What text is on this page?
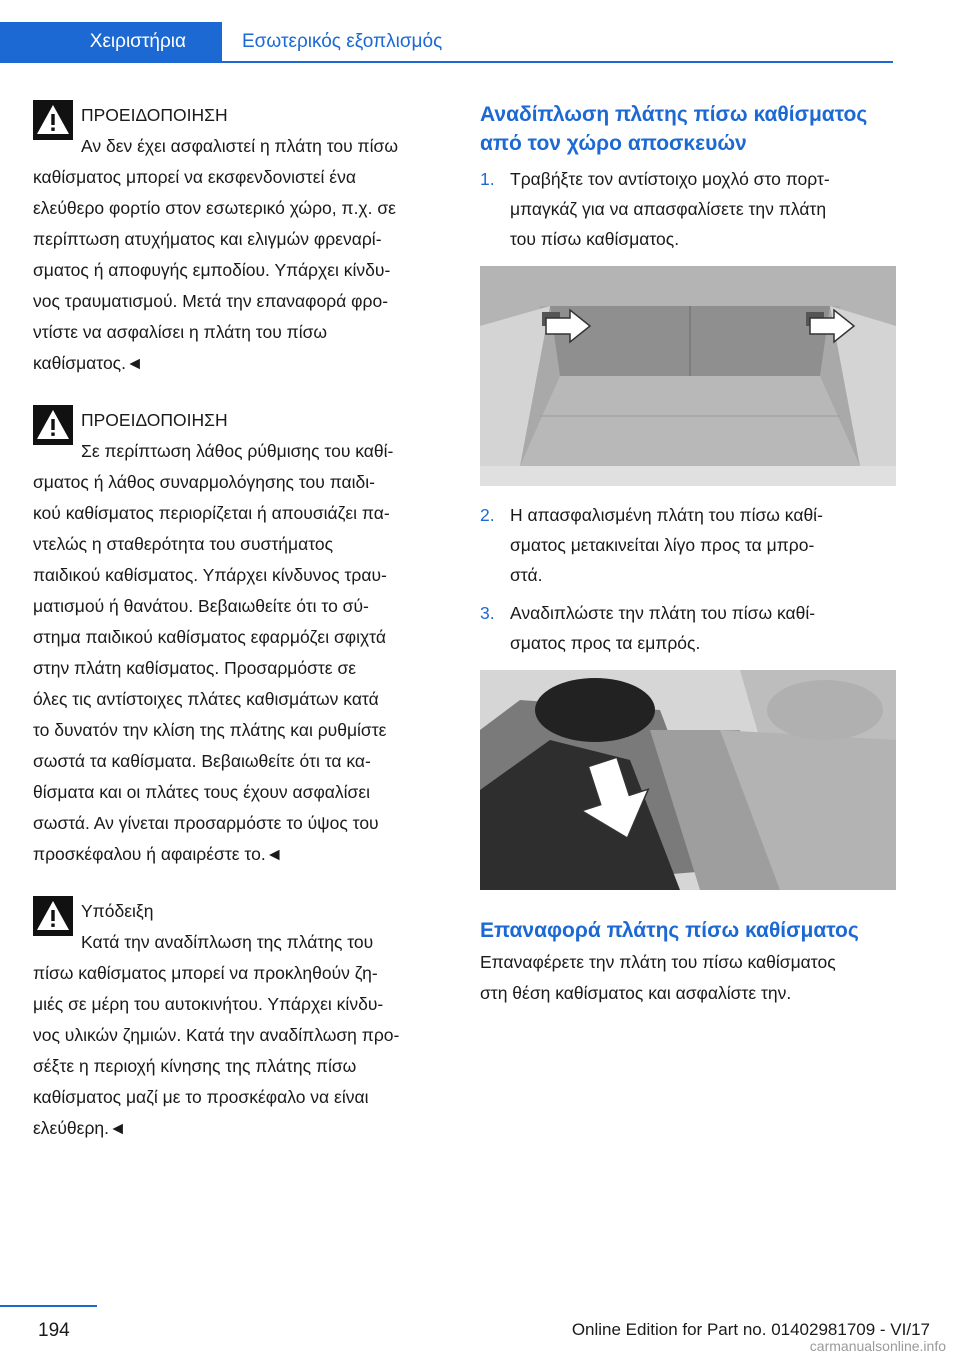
Χειριστήρια	Εσωτερικός εξοπλισμός
ΠΡΟΕΙΔΟΠΟΙΗΣΗ
Αν δεν έχει ασφαλιστεί η πλάτη του πίσω
καθίσματος μπορεί να εκσφενδονιστεί ένα
ελεύθερο φορτίο στον εσωτερικό χώρο, π.χ. σε
περίπτωση ατυχήματος και ελιγμών φρεναρί‐
σματος ή αποφυγής εμποδίου. Υπάρχει κίνδυ‐
νος τραυματισμού. Μετά την επαναφορά φρο‐
ντίστε να ασφαλίσει η πλάτη του πίσω
καθίσματος.◄
ΠΡΟΕΙΔΟΠΟΙΗΣΗ
Σε περίπτωση λάθος ρύθμισης του καθί‐
σματος ή λάθος συναρμολόγησης του παιδι‐
κού καθίσματος περιορίζεται ή απουσιάζει πα‐
ντελώς η σταθερότητα του συστήματος
παιδικού καθίσματος. Υπάρχει κίνδυνος τραυ‐
ματισμού ή θανάτου. Βεβαιωθείτε ότι το σύ‐
στημα παιδικού καθίσματος εφαρμόζει σφιχτά
στην πλάτη καθίσματος. Προσαρμόστε σε
όλες τις αντίστοιχες πλάτες καθισμάτων κατά
το δυνατόν την κλίση της πλάτης και ρυθμίστε
σωστά τα καθίσματα. Βεβαιωθείτε ότι τα κα‐
θίσματα και οι πλάτες τους έχουν ασφαλίσει
σωστά. Αν γίνεται προσαρμόστε το ύψος του
προσκέφαλου ή αφαιρέστε το.◄
Υπόδειξη
Κατά την αναδίπλωση της πλάτης του
πίσω καθίσματος μπορεί να προκληθούν ζη‐
μιές σε μέρη του αυτοκινήτου. Υπάρχει κίνδυ‐
νος υλικών ζημιών. Κατά την αναδίπλωση προ‐
σέξτε η περιοχή κίνησης της πλάτης πίσω
καθίσματος μαζί με το προσκέφαλο να είναι
ελεύθερη.◄
Αναδίπλωση πλάτης πίσω καθίσματος
από τον χώρο αποσκευών
1. Τραβήξτε τον αντίστοιχο μοχλό στο πορτ‐
μπαγκάζ για να απασφαλίσετε την πλάτη
του πίσω καθίσματος.
2. Η απασφαλισμένη πλάτη του πίσω καθί‐
σματος μετακινείται λίγο προς τα μπρο‐
στά.
3. Αναδιπλώστε την πλάτη του πίσω καθί‐
σματος προς τα εμπρός.
Επαναφορά πλάτης πίσω καθίσματος
Επαναφέρετε την πλάτη του πίσω καθίσματος
στη θέση καθίσματος και ασφαλίστε την.
194	Online Edition for Part no. 01402981709 - VI/17
carmanualsonline.info
